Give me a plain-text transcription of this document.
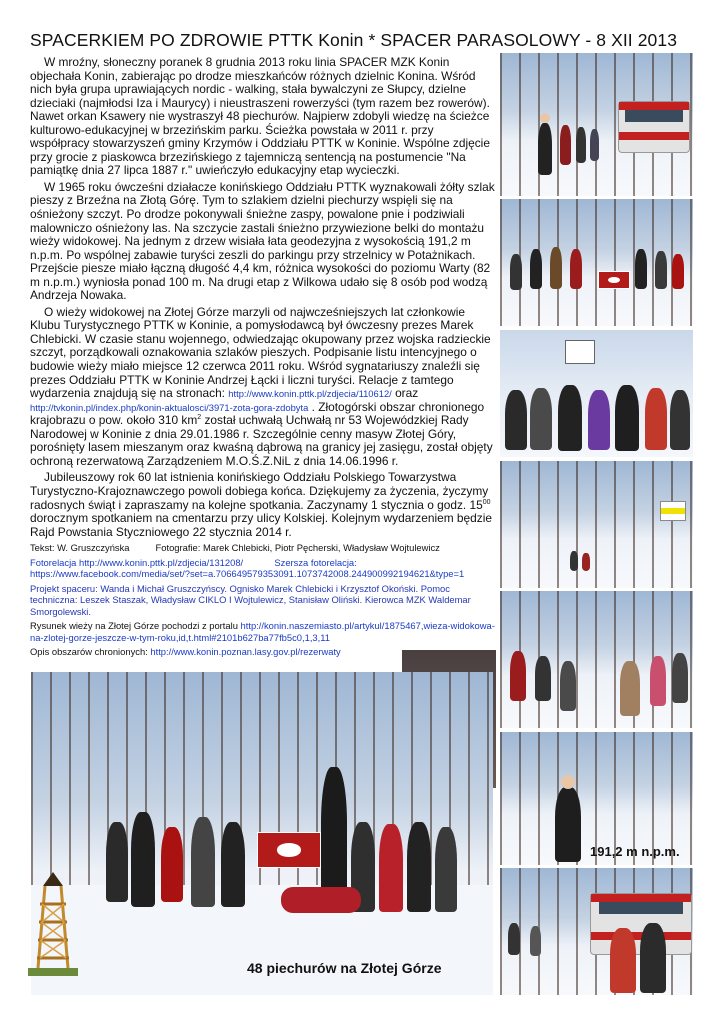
SPACERKIEM PO ZDROWIE PTTK Konin * SPACER PARASOLOWY - 8 XII 2013

W mroźny, słoneczny poranek 8 grudnia 2013 roku linia SPACER MZK Konin objechała Konin, zabierając po drodze mieszkańców różnych dzielnic Konina. Wśród nich była grupa uprawiających nordic - walking, stała bywalczyni ze Słupcy, dzielne dzieciaki (najmłodsi Iza i Maurycy) i nieustraszeni rowerzyści (tym razem bez rowerów). Nawet orkan Ksawery nie wystraszył 48 piechurów. Najpierw zdobyli wiedzę na ścieżce kulturowo-edukacyjnej w brzezińskim parku. Ścieżka powstała w 2011 r. przy współpracy stowarzyszeń gminy Krzymów i Oddziału PTTK w Koninie. Wspólne zdjęcie przy grocie z piaskowca brzezińskiego z tajemniczą sentencją na postumencie "Na pamiątkę dnia 27 lipca 1887 r." uwieńczyło edukacyjny etap wycieczki.

W 1965 roku ówcześni działacze konińskiego Oddziału PTTK wyznakowali żółty szlak pieszy z Brzeźna na Złotą Górę. Tym to szlakiem dzielni piechurzy wspięli się na ośnieżony szczyt. Po drodze pokonywali śnieżne zaspy, powalone pnie i podziwiali malowniczo ośnieżony las. Na szczycie zastali śnieżno przywiezione belki do montażu wieży widokowej. Na jednym z drzew wisiała łata geodezyjna z wysokością 191,2 m n.p.m. Po wspólnej zabawie turyści zeszli do parkingu przy strzelnicy w Potażnikach. Przejście piesze miało łączną długość 4,4 km, różnica wysokości do poziomu Warty (82 m n.p.m.) wyniosła ponad 100 m. Na drugi etap z Wilkowa udało się 8 osób pod wodzą Andrzeja Nowaka.

O wieży widokowej na Złotej Górze marzyli od najwcześniejszych lat członkowie Klubu Turystycznego PTTK w Koninie, a pomysłodawcą był ówczesny prezes Marek Chlebicki. W czasie stanu wojennego, odwiedzając okupowany przez wojska radzieckie szczyt, porządkowali oznakowania szlaków pieszych. Podpisanie listu intencyjnego o budowie wieży miało miejsce 12 czerwca 2011 roku. Wśród sygnatariuszy znaleźli się prezes Oddziału PTTK w Koninie Andrzej Łącki i liczni turyści. Relacje z tamtego wydarzenia znajdują się na stronach: http://www.konin.pttk.pl/zdjecia/110612/ oraz http://tvkonin.pl/index.php/konin-aktualosci/3971-zota-gora-zdobyta . Złotogórski obszar chronionego krajobrazu o pow. około 310 $km^2$ został uchwałą Uchwałą nr 53 Wojewódzkiej Rady Narodowej w Koninie z dnia 29.01.1986 r. Szczególnie cenny masyw Złotej Góry, porośnięty lasem mieszanym oraz kwaśną dąbrową na granicy jej zasięgu, został objęty ochroną rezerwatową Zarządzeniem M.O.Ś.Z.NiL z dnia 14.06.1996 r.

Jubileuszowy rok 60 lat istnienia konińskiego Oddziału Polskiego Towarzystwa Turystyczno-Krajoznawczego powoli dobiega końca. Dziękujemy za życzenia, życzymy radosnych świąt i zapraszamy na kolejne spotkania. Zaczynamy 1 stycznia o godz. $15^{00}$ dorocznym spotkaniem na cmentarzu przy ulicy Kolskiej. Kolejnym wydarzeniem będzie Rajd Powstania Styczniowego 22 stycznia 2014 r.

Tekst: W. Gruszczyńska          Fotografie: Marek Chlebicki, Piotr Pęcherski, Władysław Wojtulewicz

Fotorelacja http://www.konin.pttk.pl/zdjecia/131208/	Szersza fotorelacja:
https://www.facebook.com/media/set/?set=a.706649579353091.1073742008.244900992194621&type=1

Projekt spaceru: Wanda i Michał Gruszczyńscy. Ognisko Marek Chlebicki i Krzysztof Okoński. Pomoc techniczna: Leszek Staszak, Władysław CIKLO I Wojtulewicz, Stanisław Oliński. Kierowca MZK Waldemar Smorgolewski.

Rysunek wieży na Złotej Górze pochodzi z portalu http://konin.naszemiasto.pl/artykul/1875467,wieza-widokowa-na-zlotej-gorze-jeszcze-w-tym-roku,id,t.html#2101b627ba77fb5c0,1,3,11

Opis obszarów chronionych: http://www.konin.poznan.lasy.gov.pl/rezerwaty

191,2 m n.p.m.
48 piechurów na Złotej Górze
